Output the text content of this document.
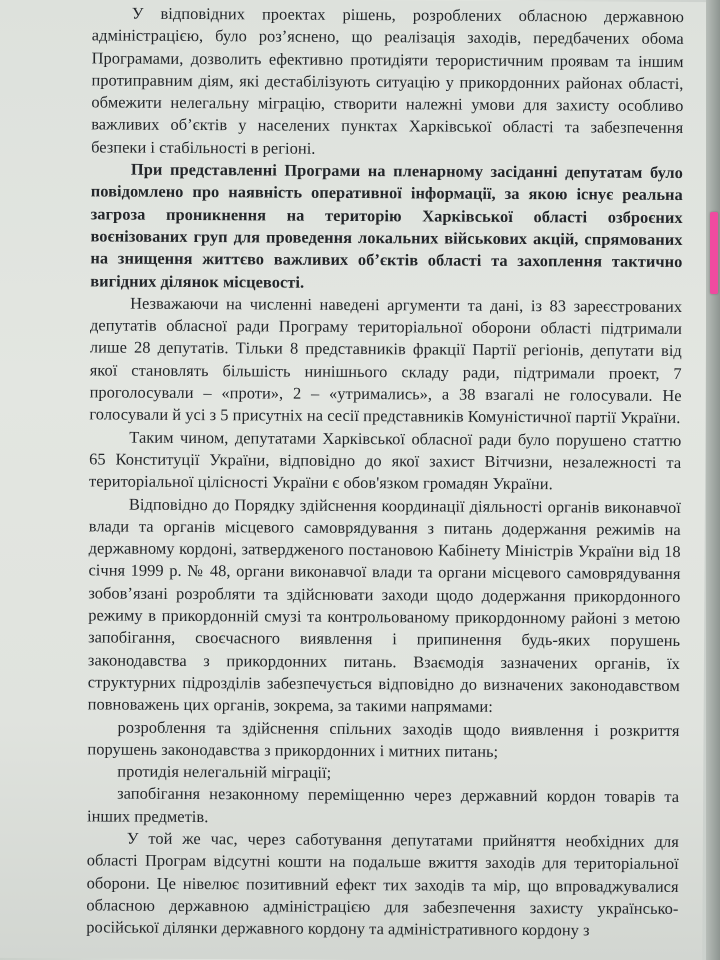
У відповідних проектах рішень, розроблених обласною державною адміністрацією, було роз’яснено, що реалізація заходів, передбачених обома Програмами, дозволить ефективно протидіяти терористичним проявам та іншим протиправним діям, які дестабілізують ситуацію у прикордонних районах області, обмежити нелегальну міграцію, створити належні умови для захисту особливо важливих об’єктів у населених пунктах Харківської області та забезпечення безпеки і стабільності в регіоні.

При представленні Програми на пленарному засіданні депутатам було повідомлено про наявність оперативної інформації, за якою існує реальна загроза проникнення на територію Харківської області озброєних воєнізованих груп для проведення локальних військових акцій, спрямованих на знищення життєво важливих об’єктів області та захоплення тактично вигідних ділянок місцевості.

Незважаючи на численні наведені аргументи та дані, із 83 зареєстрованих депутатів обласної ради Програму територіальної оборони області підтримали лише 28 депутатів. Тільки 8 представників фракції Партії регіонів, депутати від якої становлять більшість нинішнього складу ради, підтримали проект, 7 проголосували – «проти», 2 – «утримались», а 38 взагалі не голосували. Не голосували й усі з 5 присутніх на сесії представників Комуністичної партії України.

Таким чином, депутатами Харківської обласної ради було порушено статтю 65 Конституції України, відповідно до якої захист Вітчизни, незалежності та територіальної цілісності України є обов'язком громадян України.

Відповідно до Порядку здійснення координації діяльності органів виконавчої влади та органів місцевого самоврядування з питань додержання режимів на державному кордоні, затвердженого постановою Кабінету Міністрів України від 18 січня 1999 р. № 48, органи виконавчої влади та органи місцевого самоврядування зобов’язані розробляти та здійснювати заходи щодо додержання прикордонного режиму в прикордонній смузі та контрольованому прикордонному районі з метою запобігання, своєчасного виявлення і припинення будь-яких порушень законодавства з прикордонних питань. Взаємодія зазначених органів, їх структурних підрозділів забезпечується відповідно до визначених законодавством повноважень цих органів, зокрема, за такими напрямами:

розроблення та здійснення спільних заходів щодо виявлення і розкриття порушень законодавства з прикордонних і митних питань;

протидія нелегальній міграції;

запобігання незаконному переміщенню через державний кордон товарів та інших предметів.

У той же час, через саботування депутатами прийняття необхідних для області Програм відсутні кошти на подальше вжиття заходів для територіальної оборони. Це нівелює позитивний ефект тих заходів та мір, що впроваджувалися обласною державною адміністрацією для забезпечення захисту українсько-російської ділянки державного кордону та адміністративного кордону з
